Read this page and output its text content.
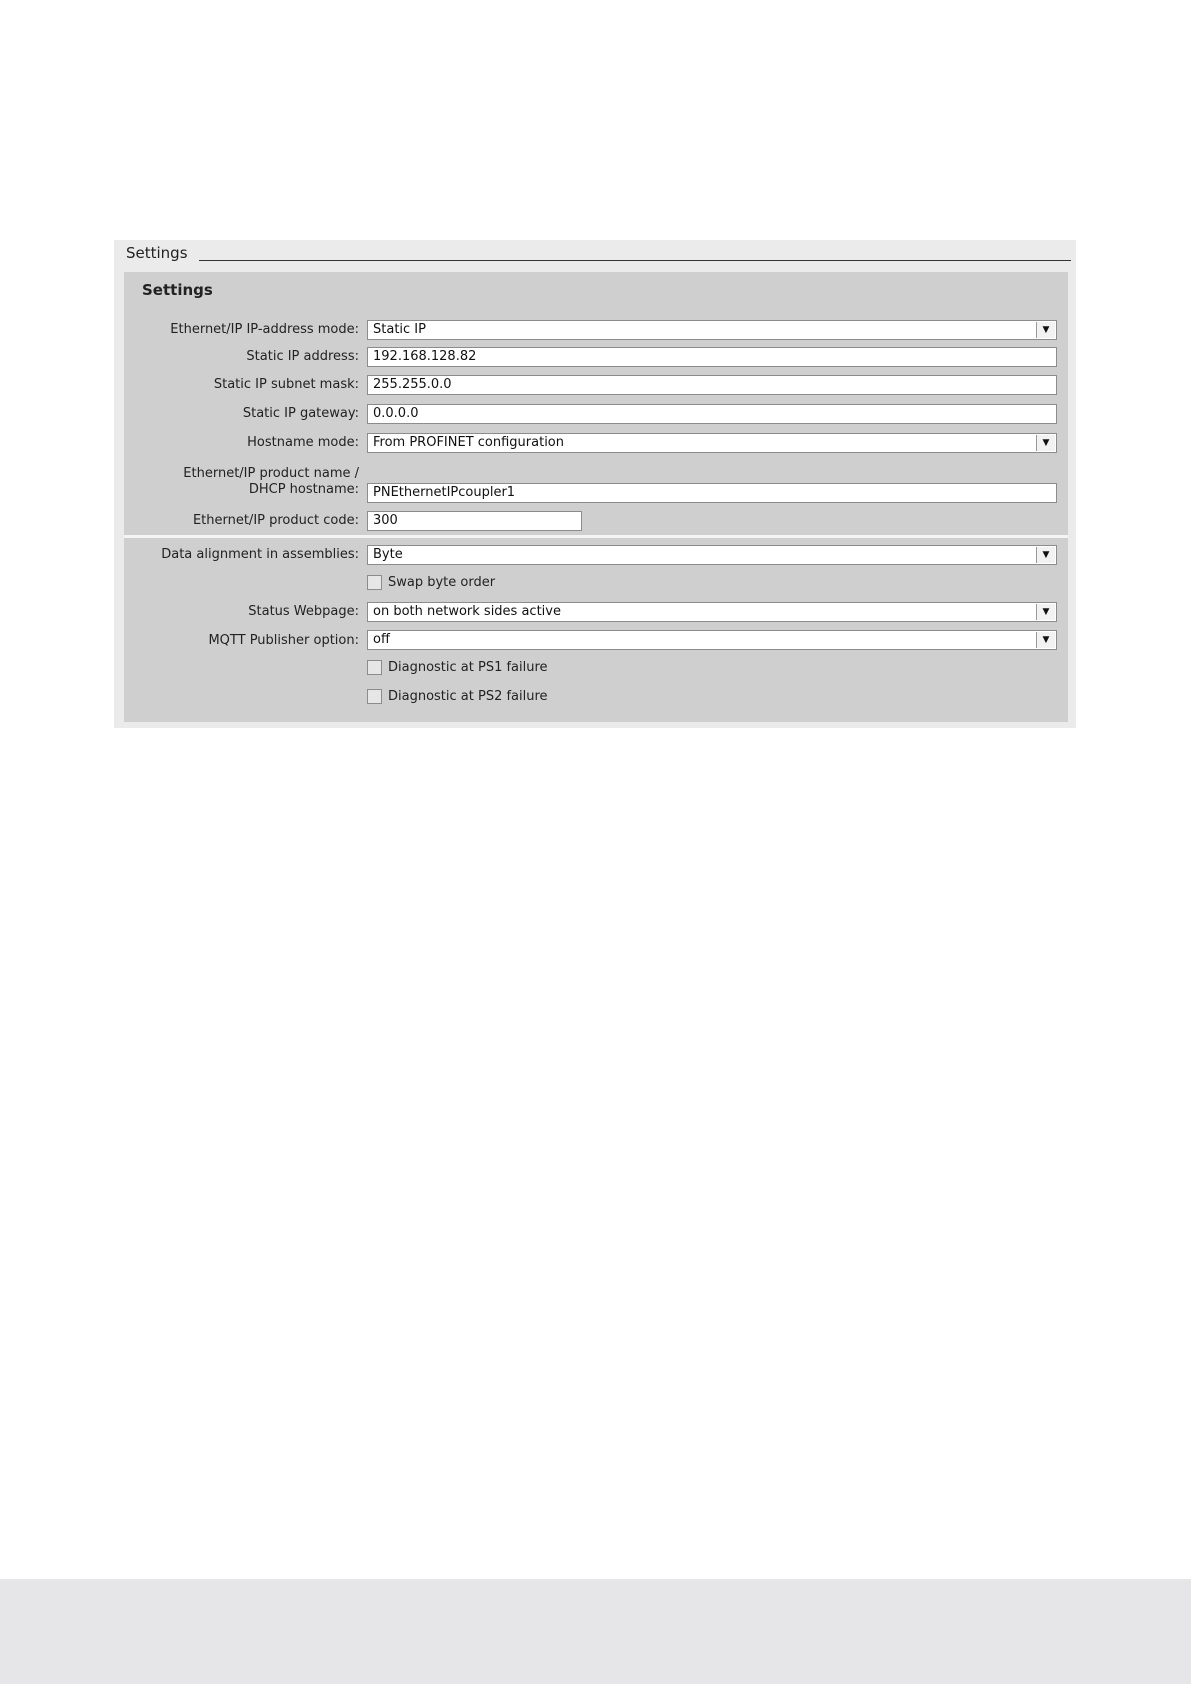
Settings
Settings
Ethernet/IP IP-address mode:	Static IP	▼
Static IP address:	192.168.128.82
Static IP subnet mask:	255.255.0.0
Static IP gateway:	0.0.0.0
Hostname mode:	From PROFINET configuration	▼
Ethernet/IP product name /
DHCP hostname:	PNEthernetIPcoupler1
Ethernet/IP product code:	300
Data alignment in assemblies:	Byte	▼
Swap byte order
Status Webpage:	on both network sides active	▼
MQTT Publisher option:	off	▼
Diagnostic at PS1 failure
Diagnostic at PS2 failure
